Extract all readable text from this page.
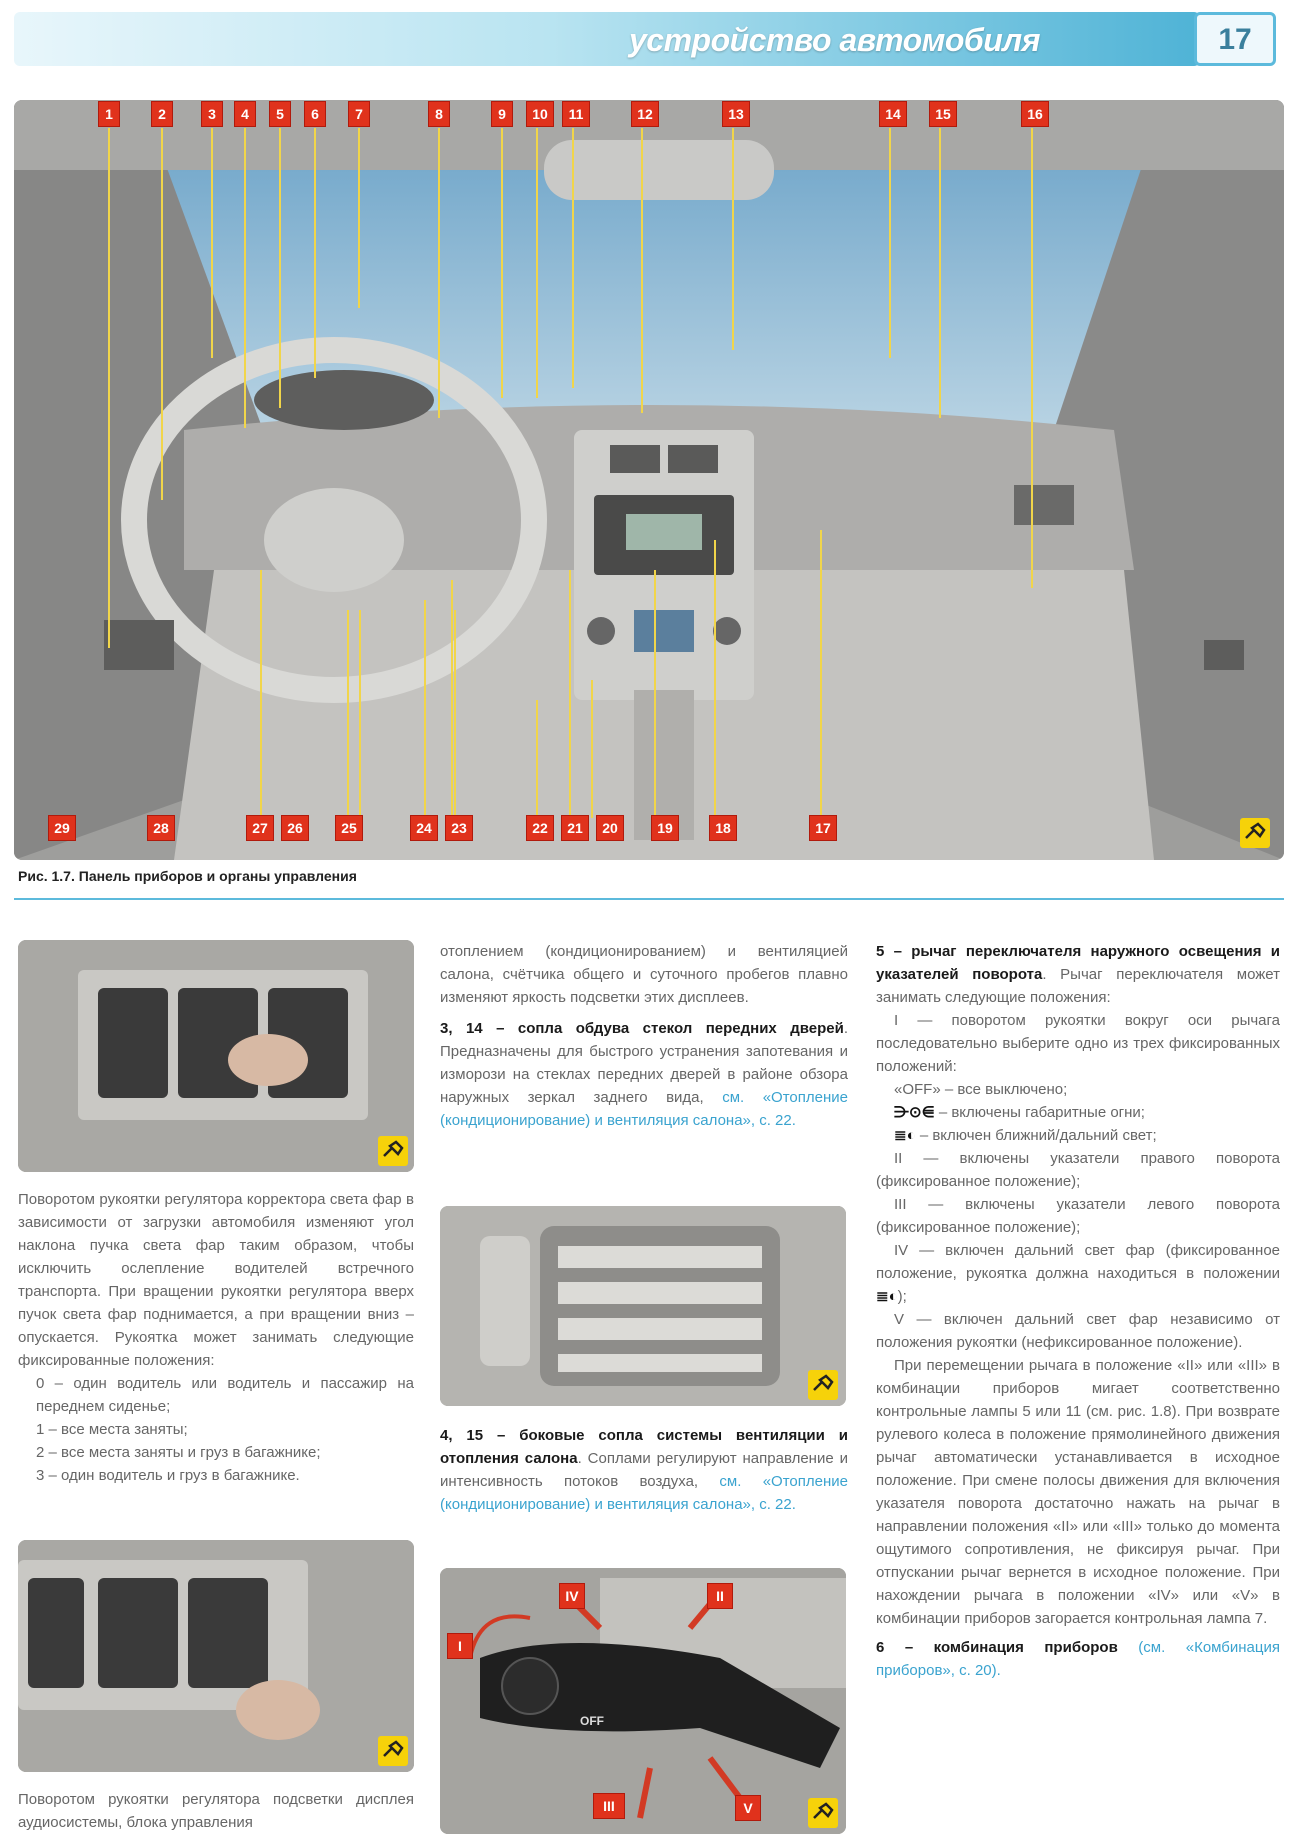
устройство автомобиля	17
1	2	3	4	5	6	7	8	9	10	11	12	13	14	15	16
29	28	27	26	25	24	23	22	21	20	19	18	17
Рис. 1.7. Панель приборов и органы управления

Поворотом рукоятки регулятора корректора света фар в зависимости от загрузки автомобиля изменяют угол наклона пучка света фар таким образом, чтобы исключить ослепление водителей встречного транспорта. При вращении рукоятки регулятора вверх пучок света фар поднимается, а при вращении вниз – опускается. Рукоятка может занимать следующие фиксированные положения:

0 – один водитель или водитель и пассажир на переднем сиденье;

1 – все места заняты;

2 – все места заняты и груз в багажнике;

3 – один водитель и груз в багажнике.

Поворотом рукоятки регулятора подсветки дисплея аудиосистемы, блока управления

отоплением (кондиционированием) и вентиляцией салона, счётчика общего и суточного пробегов плавно изменяют яркость подсветки этих дисплеев.

3, 14 – сопла обдува стекол передних дверей. Предназначены для быстрого устранения запотевания и изморози на стеклах передних дверей в районе обзора наружных зеркал заднего вида, см. «Отопление (кондиционирование) и вентиляция салона», с. 22.

4, 15 – боковые сопла системы вентиляции и отопления салона. Соплами регулируют направление и интенсивность потоков воздуха, см. «Отопление (кондиционирование) и вентиляция салона», с. 22.

IV	II
I
III	V
OFF

5 – рычаг переключателя наружного освещения и указателей поворота. Рычаг переключателя может занимать следующие положения:

I — поворотом рукоятки вокруг оси рычага последовательно выберите одно из трех фиксированных положений:

«OFF» – все выключено;

⋺⊙⋹ – включены габаритные огни;

≣◐ – включен ближний/дальний свет;

II — включены указатели правого поворота (фиксированное положение);

III — включены указатели левого поворота (фиксированное положение);

IV — включен дальний свет фар (фиксированное положение, рукоятка должна находиться в положении ≣◐);

V — включен дальний свет фар независимо от положения рукоятки (нефиксированное положение).

При перемещении рычага в положение «II» или «III» в комбинации приборов мигает соответственно контрольные лампы 5 или 11 (см. рис. 1.8). При возврате рулевого колеса в положение прямолинейного движения рычаг автоматически устанавливается в исходное положение. При смене полосы движения для включения указателя поворота достаточно нажать на рычаг в направлении положения «II» или «III» только до момента ощутимого сопротивления, не фиксируя рычаг. При отпускании рычаг вернется в исходное положение. При нахождении рычага в положении «IV» или «V» в комбинации приборов загорается контрольная лампа 7.

6 – комбинация приборов (см. «Комбинация приборов», с. 20).
